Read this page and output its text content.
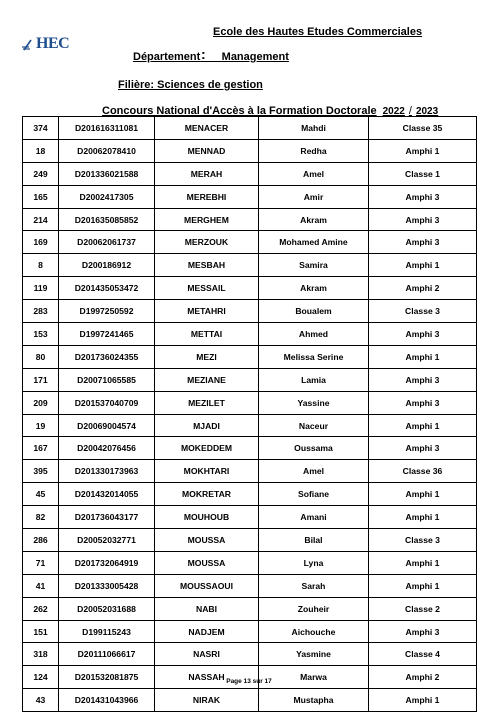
HEC
Ecole des Hautes Etudes Commerciales
Département Management
:
Filière: Sciences de gestion
Concours National d'Accès à la Formation Doctorale 2022 / 2023
374	D201616311081	MENACER	Mahdi	Classe 35
18	D20062078410	MENNAD	Redha	Amphi 1
249	D201336021588	MERAH	Amel	Classe 1
165	D2002417305	MEREBHI	Amir	Amphi 3
214	D201635085852	MERGHEM	Akram	Amphi 3
169	D20062061737	MERZOUK	Mohamed Amine	Amphi 3
8	D200186912	MESBAH	Samira	Amphi 1
119	D201435053472	MESSAIL	Akram	Amphi 2
283	D1997250592	METAHRI	Boualem	Classe 3
153	D1997241465	METTAI	Ahmed	Amphi 3
80	D201736024355	MEZI	Melissa Serine	Amphi 1
171	D20071065585	MEZIANE	Lamia	Amphi 3
209	D201537040709	MEZILET	Yassine	Amphi 3
19	D20069004574	MJADI	Naceur	Amphi 1
167	D20042076456	MOKEDDEM	Oussama	Amphi 3
395	D201330173963	MOKHTARI	Amel	Classe 36
45	D201432014055	MOKRETAR	Sofiane	Amphi 1
82	D201736043177	MOUHOUB	Amani	Amphi 1
286	D20052032771	MOUSSA	Bilal	Classe 3
71	D201732064919	MOUSSA	Lyna	Amphi 1
41	D201333005428	MOUSSAOUI	Sarah	Amphi 1
262	D20052031688	NABI	Zouheir	Classe 2
151	D199115243	NADJEM	Aichouche	Amphi 3
318	D20111066617	NASRI	Yasmine	Classe 4
124	D201532081875	NASSAH	Marwa	Amphi 2
43	D201431043966	NIRAK	Mustapha	Amphi 1
Page 13 sur 17
